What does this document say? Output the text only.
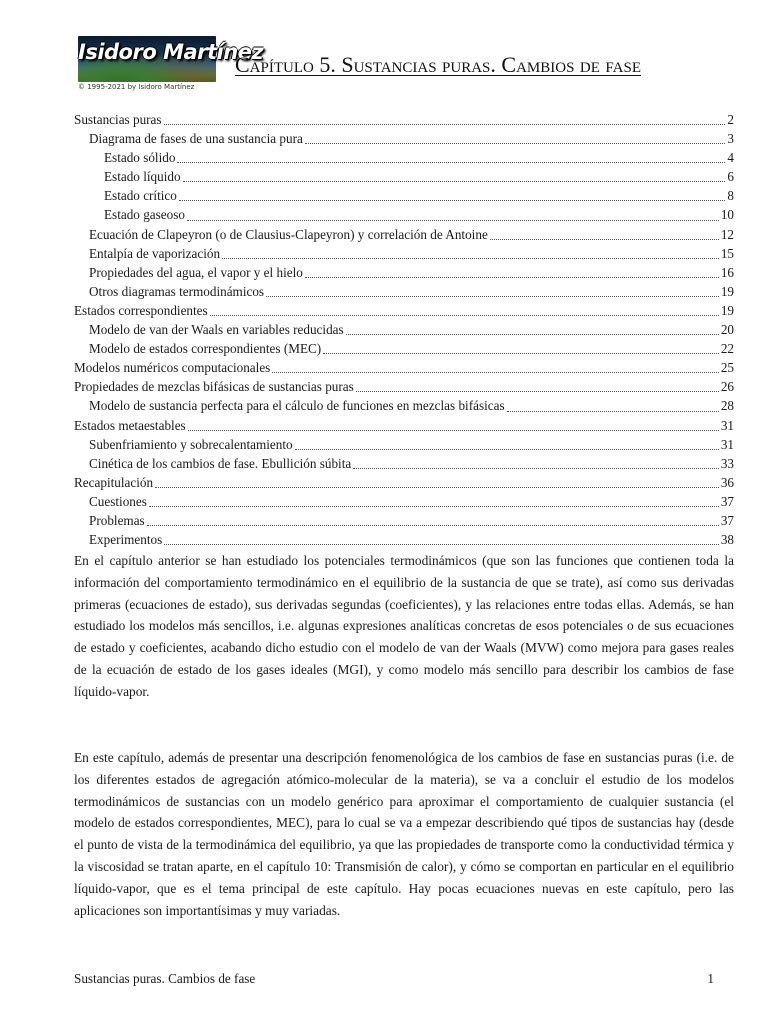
Isidoro Martínez
© 1995-2021 by Isidoro Martínez
Capítulo 5. Sustancias puras. Cambios de fase
Sustancias puras	2
Diagrama de fases de una sustancia pura	3
Estado sólido	4
Estado líquido	6
Estado crítico	8
Estado gaseoso	10
Ecuación de Clapeyron (o de Clausius-Clapeyron) y correlación de Antoine	12
Entalpía de vaporización	15
Propiedades del agua, el vapor y el hielo	16
Otros diagramas termodinámicos	19
Estados correspondientes	19
Modelo de van der Waals en variables reducidas	20
Modelo de estados correspondientes (MEC)	22
Modelos numéricos computacionales	25
Propiedades de mezclas bifásicas de sustancias puras	26
Modelo de sustancia perfecta para el cálculo de funciones en mezclas bifásicas	28
Estados metaestables	31
Subenfriamiento y sobrecalentamiento	31
Cinética de los cambios de fase. Ebullición súbita	33
Recapitulación	36
Cuestiones	37
Problemas	37
Experimentos	38

En el capítulo anterior se han estudiado los potenciales termodinámicos (que son las funciones que contienen toda la información del comportamiento termodinámico en el equilibrio de la sustancia de que se trate), así como sus derivadas primeras (ecuaciones de estado), sus derivadas segundas (coeficientes), y las relaciones entre todas ellas. Además, se han estudiado los modelos más sencillos, i.e. algunas expresiones analíticas concretas de esos potenciales o de sus ecuaciones de estado y coeficientes, acabando dicho estudio con el modelo de van der Waals (MVW) como mejora para gases reales de la ecuación de estado de los gases ideales (MGI), y como modelo más sencillo para describir los cambios de fase líquido-vapor.

En este capítulo, además de presentar una descripción fenomenológica de los cambios de fase en sustancias puras (i.e. de los diferentes estados de agregación atómico-molecular de la materia), se va a concluir el estudio de los modelos termodinámicos de sustancias con un modelo genérico para aproximar el comportamiento de cualquier sustancia (el modelo de estados correspondientes, MEC), para lo cual se va a empezar describiendo qué tipos de sustancias hay (desde el punto de vista de la termodinámica del equilibrio, ya que las propiedades de transporte como la conductividad térmica y la viscosidad se tratan aparte, en el capítulo 10: Transmisión de calor), y cómo se comportan en particular en el equilibrio líquido-vapor, que es el tema principal de este capítulo. Hay pocas ecuaciones nuevas en este capítulo, pero las aplicaciones son importantísimas y muy variadas.

Sustancias puras. Cambios de fase	1
